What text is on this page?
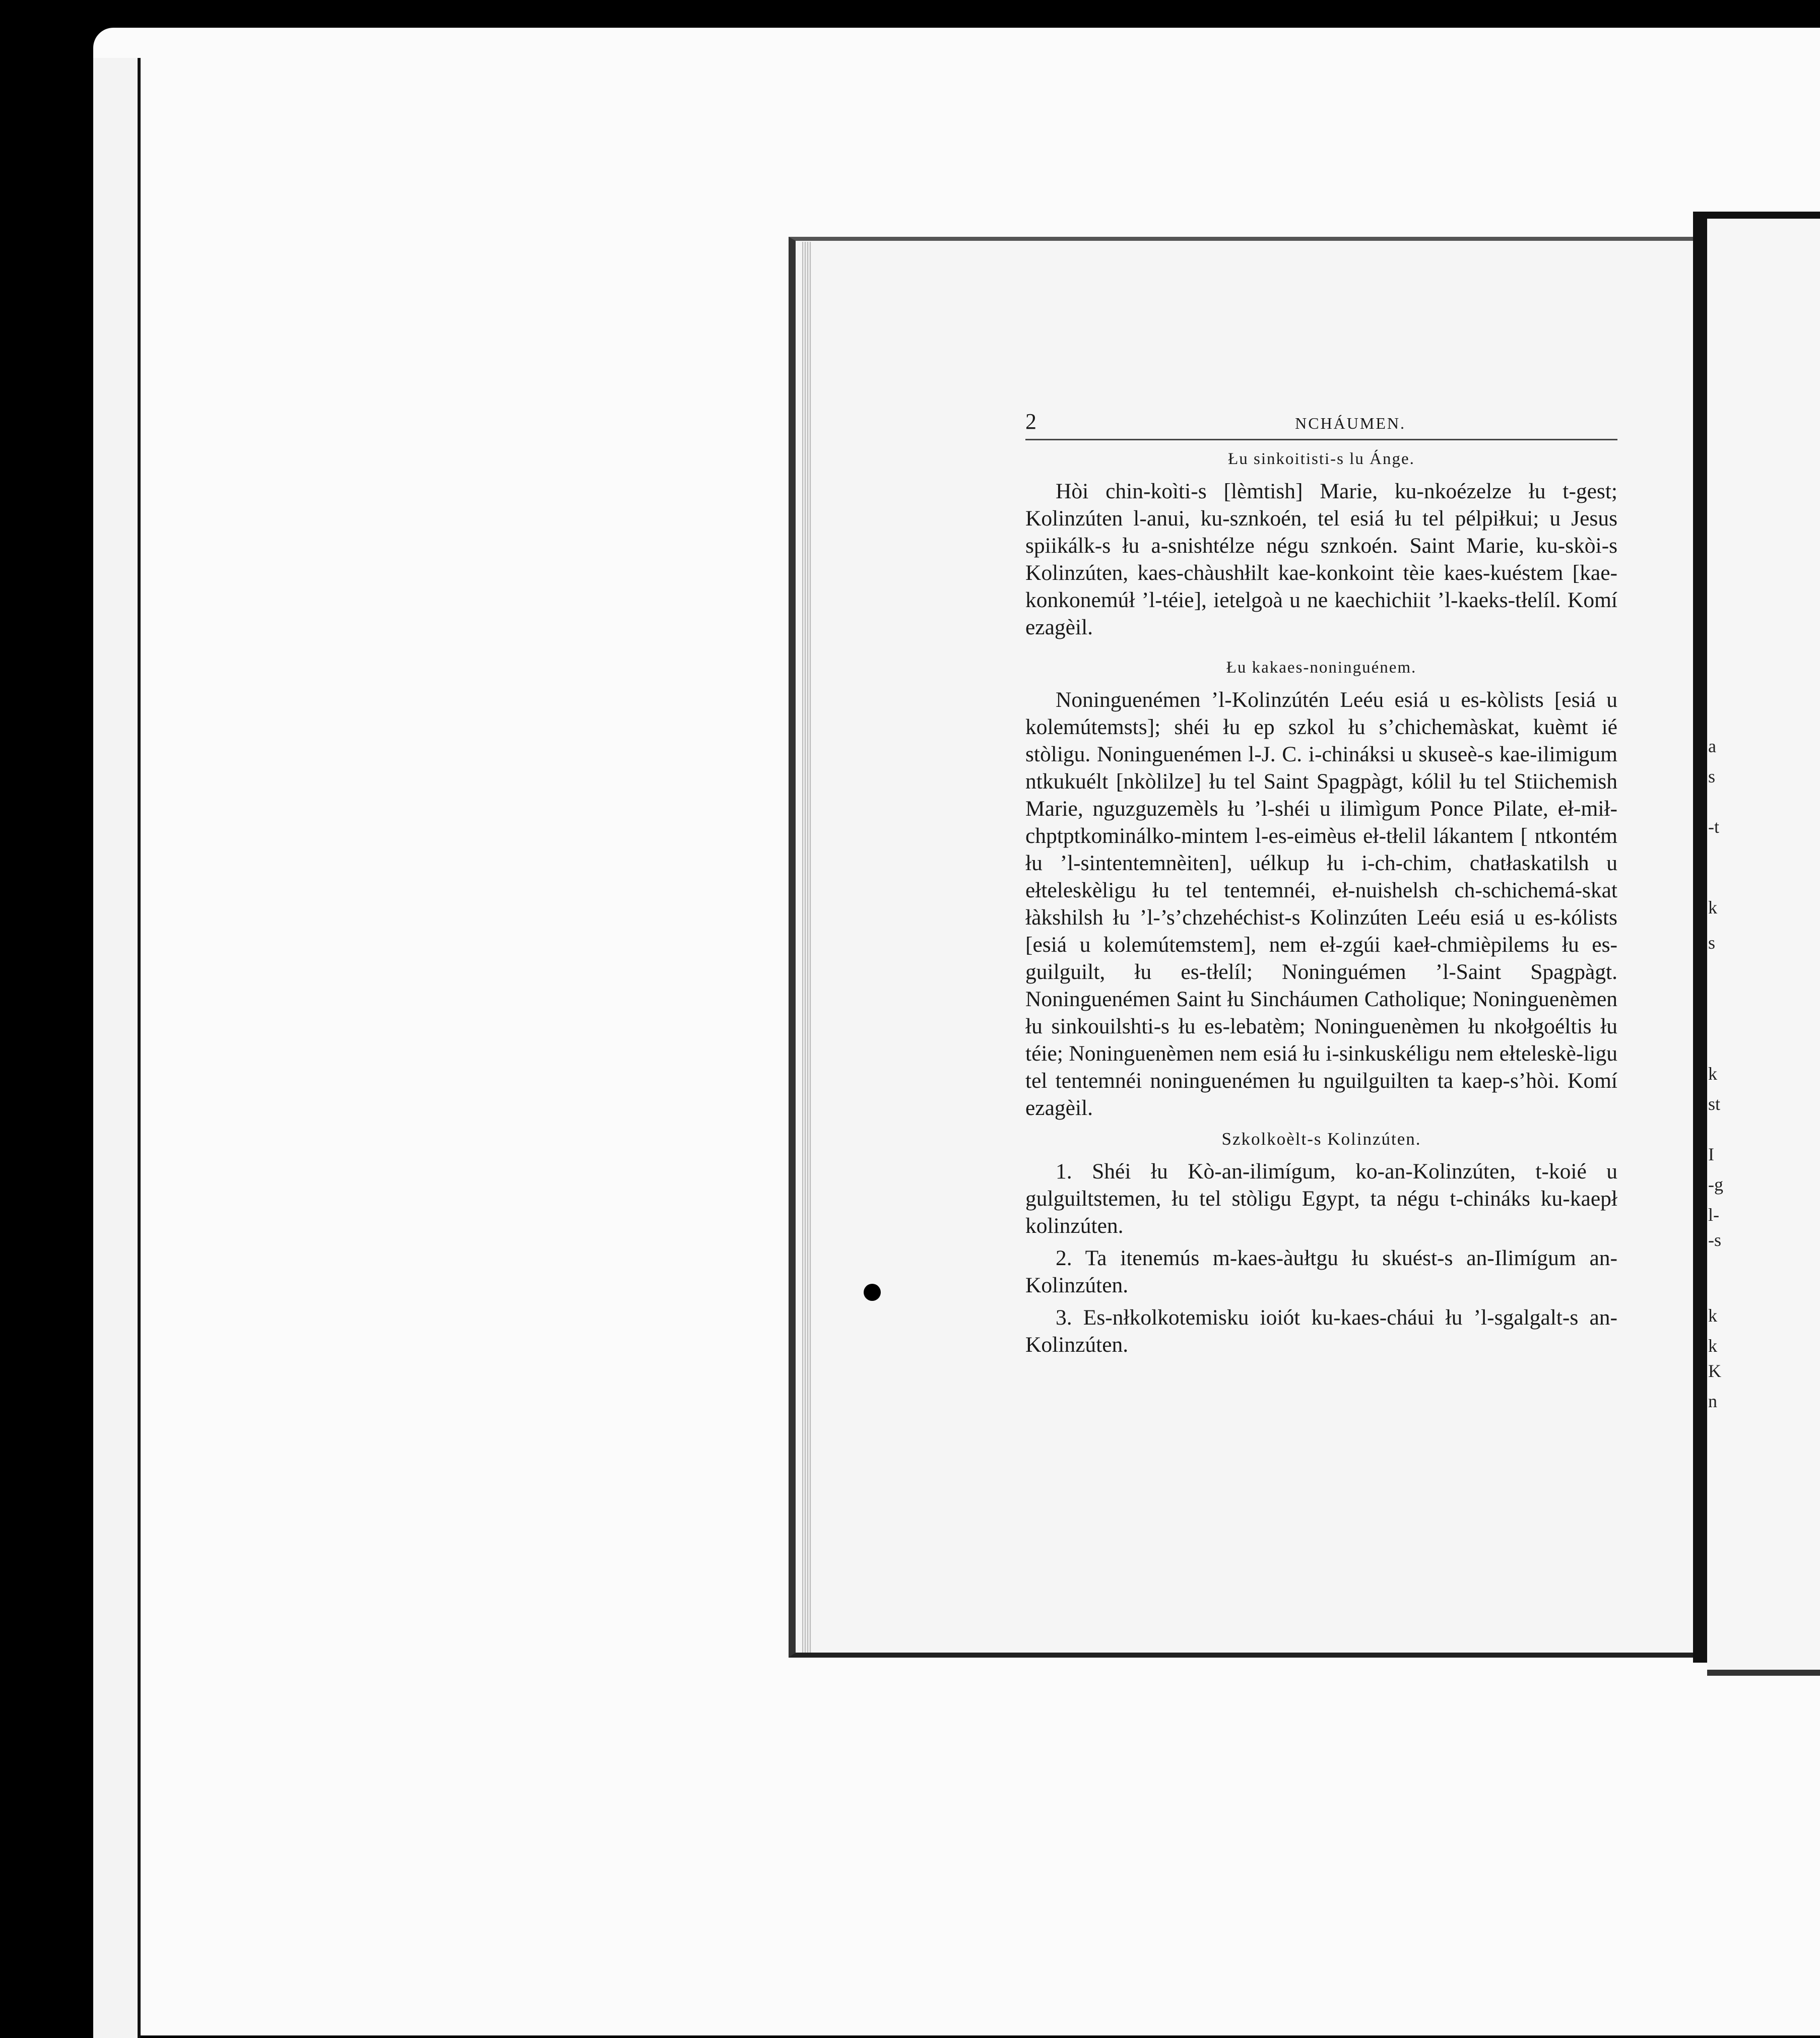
a
s
-t
k
s
k
st
I
-g
l-
-s
k
k
K
n
2	NCHÁUMEN.
Łu sinkoitisti-s lu Ánge.

Hòi chin-koìti-s [lèmtish] Marie, ku-nkoézelze łu t-gest; Kolinzúten l-anui, ku-sznkoén, tel esiá łu tel pélpiłkui; u Jesus spiikálk-s łu a-snishtélze négu sznkoén. Saint Marie, ku-skòi-s Kolinzúten, kaes-chàushłilt kae-konkoint tèie kaes-kuéstem [kae-konkonemúł ’l-téie], ietelgoà u ne kaechichiit ’l-kaeks-tłelíl. Komí ezagèil.

Łu kakaes-noninguénem.

Noninguenémen ’l-Kolinzútén Leéu esiá u es-kòlists [esiá u kolemútemsts]; shéi łu ep szkol łu s’chichemàskat, kuèmt ié stòligu. Noninguenémen l-J. C. i-chináksi u skuseè-s kae-ilimigum ntkukuélt [nkòlilze] łu tel Saint Spagpàgt, kólil łu tel Stiichemish Marie, nguzguzemèls łu ’l-shéi u ilimìgum Ponce Pilate, eł-mił-chptptkominálko-mintem l-es-eimèus eł-tłelil lákantem [ ntkontém łu ’l-sintentemnèiten], uélkup łu i-ch-chim, chatłaskatilsh u ełteleskèligu łu tel tentemnéi, eł-nuishelsh ch-schichemá-skat łàkshilsh łu ’l-’s’chzehéchist-s Kolinzúten Leéu esiá u es-kólists [esiá u kolemútemstem], nem eł-zgúi kaeł-chmièpilems łu es-guilguilt, łu es-tłelíl; Noninguémen ’l-Saint Spagpàgt. Noninguenémen Saint łu Sincháumen Catholique; Noninguenèmen łu sinkouilshti-s łu es-lebatèm; Noninguenèmen łu nkołgoéltis łu téie; Noninguenèmen nem esiá łu i-sinkuskéligu nem ełteleskè-ligu tel tentemnéi noninguenémen łu nguilguilten ta kaep-s’hòi. Komí ezagèil.

Szkolkoèlt-s Kolinzúten.

1. Shéi łu Kò-an-ilimígum, ko-an-Kolinzúten, t-koié u gulguiltstemen, łu tel stòligu Egypt, ta négu t-chináks ku-kaepł kolinzúten.

2. Ta itenemús m-kaes-àułtgu łu skuést-s an-Ilimígum an-Kolinzúten.

3. Es-nłkolkotemisku ioiót ku-kaes-cháui łu ’l-sgalgalt-s an-Kolinzúten.
